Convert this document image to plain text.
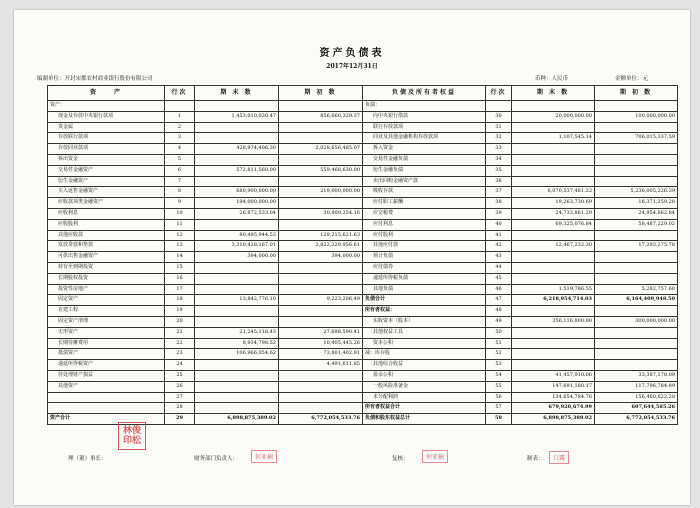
资产负债表
2017年12月31日
编制单位：开封宋都农村商业银行股份有限公司	币种：人民币	金额单位：元
资　　产	行次	期 末 数	期 初 数	负债及所有者权益	行次	期 末 数	期 初 数
资产：				负债：			
现金及存放中央银行款项	1	1,453,010,030.47	856,660,329.37	向中央银行借款	30	20,000,000.00	100,000,000.00
贵金属	2			联行存放款项	31		
存放联行款项	3			同业及其他金融机构存放款项	32	1,107,545.14	706,015,337.59
存放同业款项	4	428,974,406.30	2,028,656,485.07	拆入资金	33		
拆出资金	5			交易性金融负债	34		
交易性金融资产	6	572,811,560.00	559,468,630.00	衍生金融负债	35		
衍生金融资产	7			卖出回购金融资产款	36		
买入返售金融资产	8	680,900,000.00	219,000,000.00	吸收存款	37	6,070,537,481.22	5,236,005,226.39
应收款项类金融资产	9	194,000,000.00		应付职工薪酬	38	19,263,730.69	16,371,259.28
应收利息	10	26,872,533.04	30,809,254.16	应交税费	39	24,733,861.29	24,954,862.84
应收股利	11			应付利息	40	69,325,076.84	58,487,229.02
其他应收款	12	80,495,944.53	129,215,621.63	应付股利	41		
发放贷款和垫款	13	3,310,428,167.01	2,822,229,956.61	其他应付款	42	12,467,232.30	17,293,275.78
可供出售金融资产	14	394,000.00	394,000.00	预计负债	43		
持有至到期投资	15			应付债券	44		
长期股权投资	16			递延所得税负债	45		
投资性房地产	17			其他负债	46	1,519,786.55	5,282,757.60
固定资产	18	13,842,776.10	9,223,206.49	负债合计	47	6,218,954,714.03	6,164,409,948.50
在建工程	19			所有者权益：	48		
固定资产清理	20			实收资本（股本）	49	356,116,800.00	300,000,000.00
无形资产	21	21,245,118.43	27,698,590.41	其他权益工具	50		
长期待摊费用	22	8,934,798.52	10,405,445.26	资本公积	51		
抵债资产	23	106,966,054.62	73,801,402.91	减：库存股	52		
递延所得税资产	24		4,491,611.85	其他综合收益	53		
待处理财产损益	25			盈余公积	54	41,457,910.06	33,387,178.09
其他资产	26			一般风险准备金	55	147,691,180.17	117,796,784.89
	27			未分配利润	56	134,654,784.76	156,460,622.28
	28			所有者权益合计	57	679,920,674.99	607,644,585.26
资产合计	29	6,898,875,389.02	6,772,054,533.76	负债和股东权益总计	58	6,898,875,389.02	6,772,054,533.76
理（董）事长：	财务部门负责人：	复核：	制表：
林俊印松
何亚楠	何亚楠	白露
